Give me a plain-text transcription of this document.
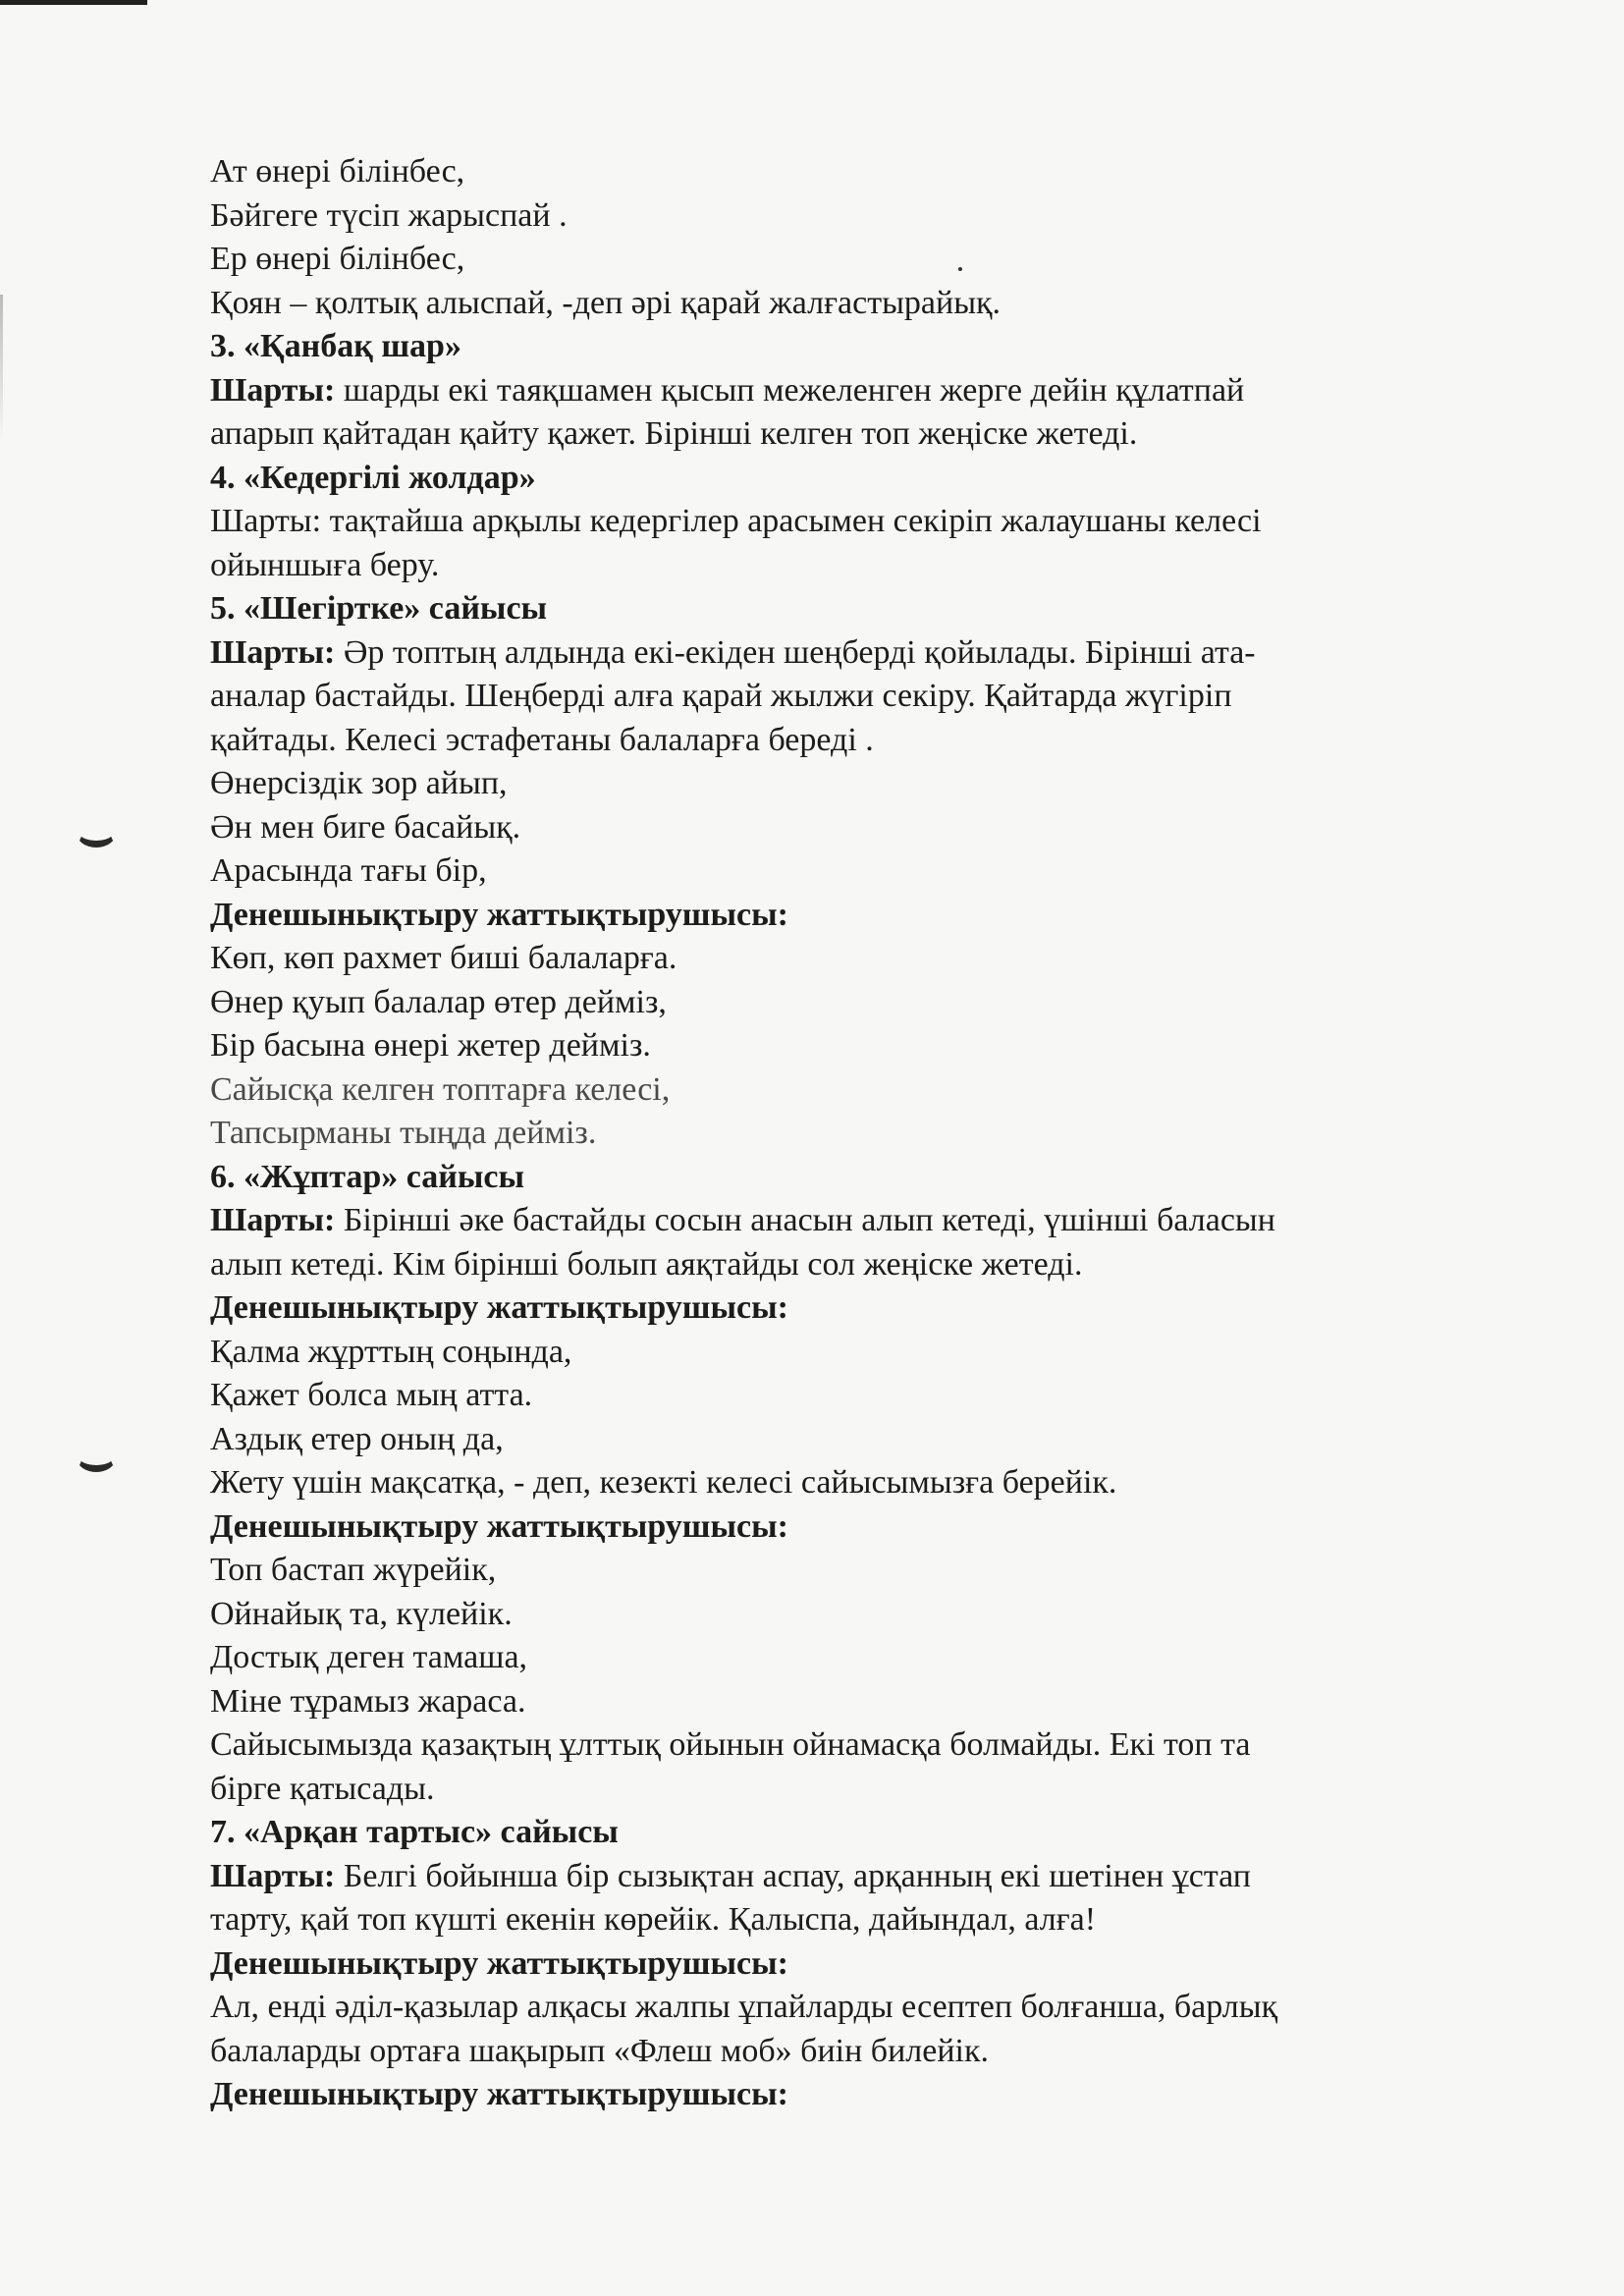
Ат өнері білінбес,
Бәйгеге түсіп жарыспай .
Ер өнері білінбес,
Қоян – қолтық алыспай, -деп әрі қарай жалғастырайық.
3. «Қанбақ шар»
Шарты: шарды екі таяқшамен қысып межеленген жерге дейін құлатпай
апарып қайтадан қайту қажет. Бірінші келген топ жеңіске жетеді.
4. «Кедергілі жолдар»
Шарты: тақтайша арқылы кедергілер арасымен секіріп жалаушаны келесі
ойыншыға беру.
5. «Шегіртке» сайысы
Шарты: Әр топтың алдында екі-екіден шеңберді қойылады. Бірінші ата-
аналар бастайды. Шеңберді алға қарай жылжи секіру. Қайтарда жүгіріп
қайтады. Келесі эстафетаны балаларға береді .
Өнерсіздік зор айып,
Ән мен биге басайық.
Арасында тағы бір,
Денешынықтыру жаттықтырушысы:
Көп, көп рахмет биші балаларға.
Өнер қуып балалар өтер дейміз,
Бір басына өнері жетер дейміз.
Сайысқа келген топтарға келесі,
Тапсырманы тыңда дейміз.
6. «Жұптар» сайысы
Шарты: Бірінші әке бастайды сосын анасын алып кетеді, үшінші баласын
алып кетеді. Кім бірінші болып аяқтайды сол жеңіске жетеді.
Денешынықтыру жаттықтырушысы:
Қалма жұрттың соңында,
Қажет болса мың атта.
Аздық етер оның да,
Жету үшін мақсатқа, - деп, кезекті келесі сайысымызға берейік.
Денешынықтыру жаттықтырушысы:
Топ бастап жүрейік,
Ойнайық та, күлейік.
Достық деген тамаша,
Міне тұрамыз жараса.
Сайысымызда қазақтың ұлттық ойынын ойнамасқа болмайды. Екі топ та
бірге қатысады.
7. «Арқан тартыс» сайысы
Шарты: Белгі бойынша бір сызықтан аспау, арқанның екі шетінен ұстап
тарту, қай топ күшті екенін көрейік. Қалыспа, дайындал, алға!
Денешынықтыру жаттықтырушысы:
Ал, енді әділ-қазылар алқасы жалпы ұпайларды есептеп болғанша, барлық
балаларды ортаға шақырып «Флеш моб» биін билейік.
Денешынықтыру жаттықтырушысы:
